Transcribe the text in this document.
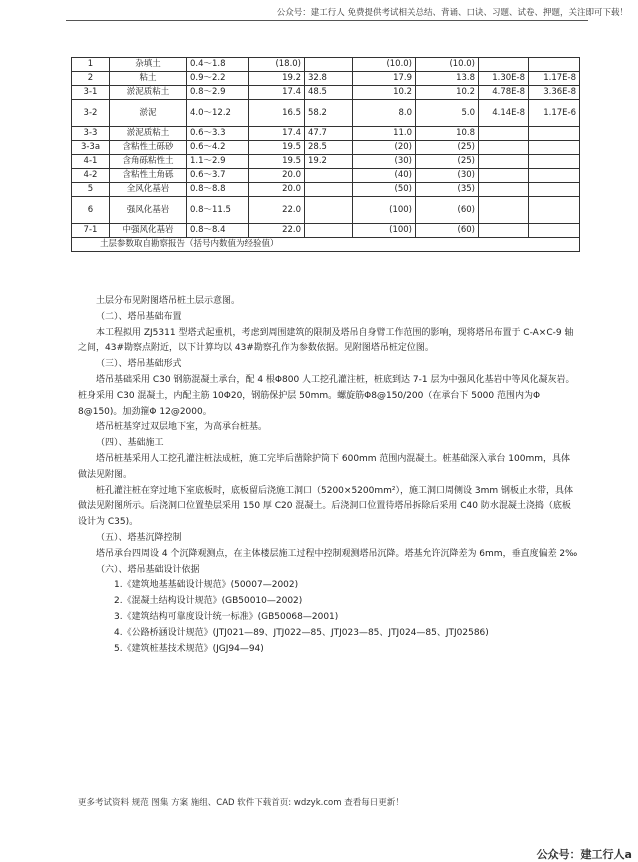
公众号：建工行人 免费提供考试相关总结、背诵、口诀、习题、试卷、押题，关注即可下载！
1	杂填土	0.4～1.8	(18.0)		(10.0)	(10.0)		
2	粘土	0.9～2.2	19.2	32.8	17.9	13.8	1.30E-8	1.17E-8
3-1	淤泥质粘土	0.8～2.9	17.4	48.5	10.2	10.2	4.78E-8	3.36E-8
3-2	淤泥	4.0～12.2	16.5	58.2	8.0	5.0	4.14E-8	1.17E-6
3-3	淤泥质粘土	0.6～3.3	17.4	47.7	11.0	10.8		
3-3a	含粘性土砾砂	0.6～4.2	19.5	28.5	(20)	(25)		
4-1	含角砾粘性土	1.1～2.9	19.5	19.2	(30)	(25)		
4-2	含粘性土角砾	0.6～3.7	20.0		(40)	(30)		
5	全风化基岩	0.8～8.8	20.0		(50)	(35)		
6	强风化基岩	0.8～11.5	22.0		(100)	(60)		
7-1	中强风化基岩	0.8～8.4	22.0		(100)	(60)		
土层参数取自勘察报告（括号内数值为经验值）								

土层分布见附图塔吊桩土层示意图。

（二）、塔吊基础布置

本工程拟用 ZJ5311 型塔式起重机，考虑到周围建筑的限制及塔吊自身臂工作范围的影响，现将塔吊布置于 C-A×C-9 轴之间，43#勘察点附近，以下计算均以 43#勘察孔作为参数依据。见附图塔吊桩定位图。

（三）、塔吊基础形式

塔吊基础采用 C30 钢筋混凝土承台，配 4 根Φ800 人工挖孔灌注桩，桩底到达 7-1 层为中强风化基岩中等风化凝灰岩。桩身采用 C30 混凝土，内配主筋 10Φ20，钢筋保护层 50mm。螺旋筋Φ8@150/200（在承台下 5000 范围内为Φ 8@150)。加劲箍Φ 12@2000。

塔吊桩基穿过双层地下室，为高承台桩基。

（四）、基础施工

塔吊桩基采用人工挖孔灌注桩法成桩，施工完毕后凿除护筒下 600mm 范围内混凝土。桩基础深入承台 100mm，具体做法见附图。

桩孔灌注桩在穿过地下室底板时，底板留后浇施工洞口（5200×5200mm²），施工洞口周侧设 3mm 钢板止水带，具体做法见附图所示。后浇洞口位置垫层采用 150 厚 C20 混凝土。后浇洞口位置待塔吊拆除后采用 C40 防水混凝土浇捣（底板设计为 C35)。

（五）、塔基沉降控制

塔吊承台四周设 4 个沉降观测点，在主体楼层施工过程中控制观测塔吊沉降。塔基允许沉降差为 6mm，垂直度偏差 2‰

（六）、塔吊基础设计依据

1.《建筑地基基础设计规范》(50007—2002)

2.《混凝土结构设计规范》(GB50010—2002)

3.《建筑结构可靠度设计统一标准》(GB50068—2001)

4.《公路桥涵设计规范》(JTJ021—89、JTJ022—85、JTJ023—85、JTJ024—85、JTJ02586)

5.《建筑桩基技术规范》(JGJ94—94)

更多考试资料 规范 图集 方案 施组、CAD 软件下载首页: wdzyk.com 查看每日更新！
公众号：建工行人a
